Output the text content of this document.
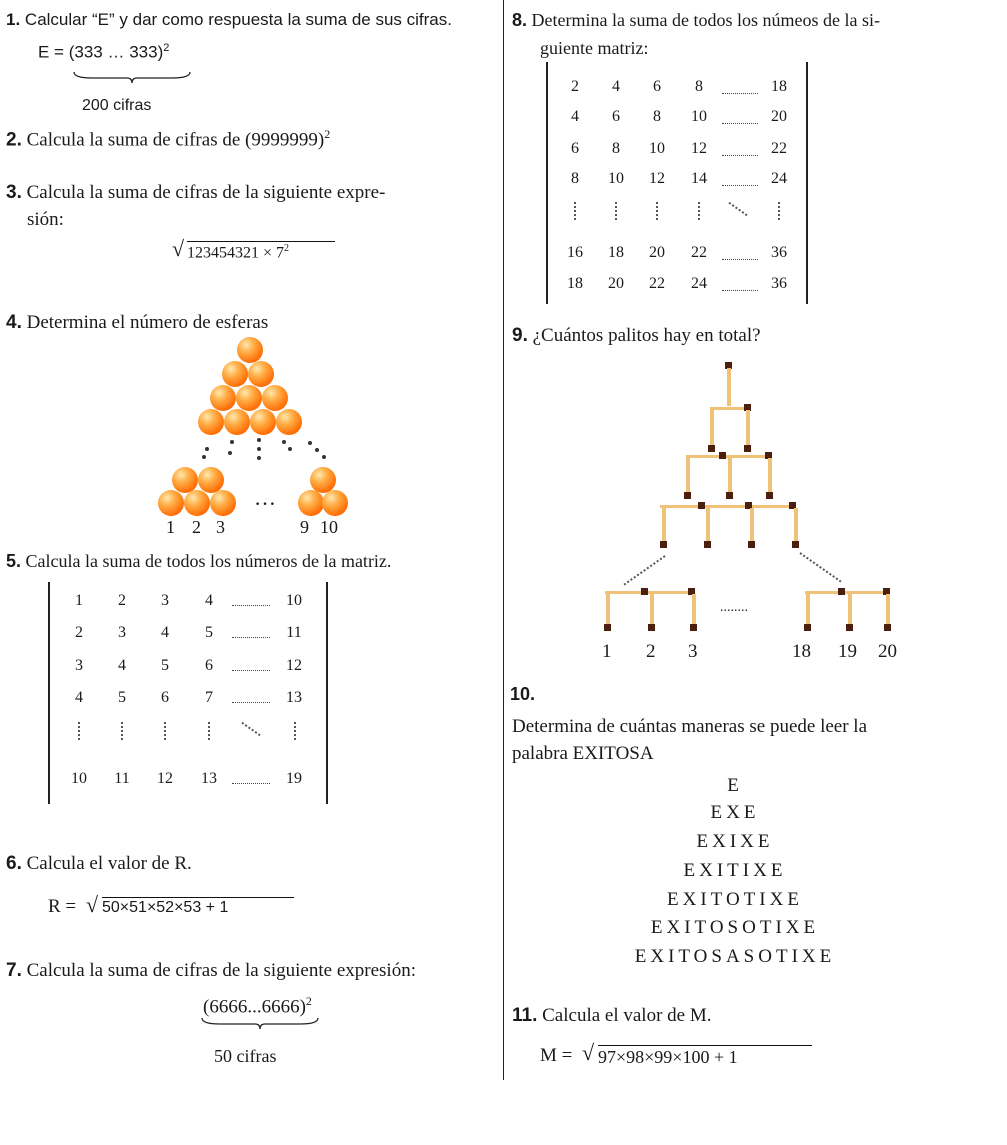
1. Calcular “E” y dar como respuesta la suma de sus cifras.
E = (333 … 333)$^2$
200 cifras
2. Calcula la suma de cifras de $(9999999)^2$
3. Calcula la suma de cifras de la siguiente expre-
sión:
√ $123454321 \times 7^2$
4. Determina el número de esferas
…
1 2 3	9 10
5. Calcula la suma de todos los números de la matriz.
1	2	3	4	10
2	3	4	5	11
3	4	5	6	12
4	5	6	7	13
10	11	12	13	19
6. Calcula el valor de R.
R = √ 50×51×52×53 + 1
7. Calcula la suma de cifras de la siguiente expresión:
$(6666...6666)^2$
50 cifras
8. Determina la suma de todos los númeos de la si-
guiente matriz:
2	4	6	8	18
4	6	8	10	20
6	8	10	12	22
8	10	12	14	24
16	18	20	22	36
18	20	22	24	36
9. ¿Cuántos palitos hay en total?
........
1 2 3	18 19 20
10.
Determina de cuántas maneras se puede leer la
palabra EXITOSA
E
EXE
EXIXE
EXITIXE
EXITOTIXE
EXITOSOTIXE
EXITOSASOTIXE
11. Calcula el valor de M.
M = √ 97×98×99×100 + 1
